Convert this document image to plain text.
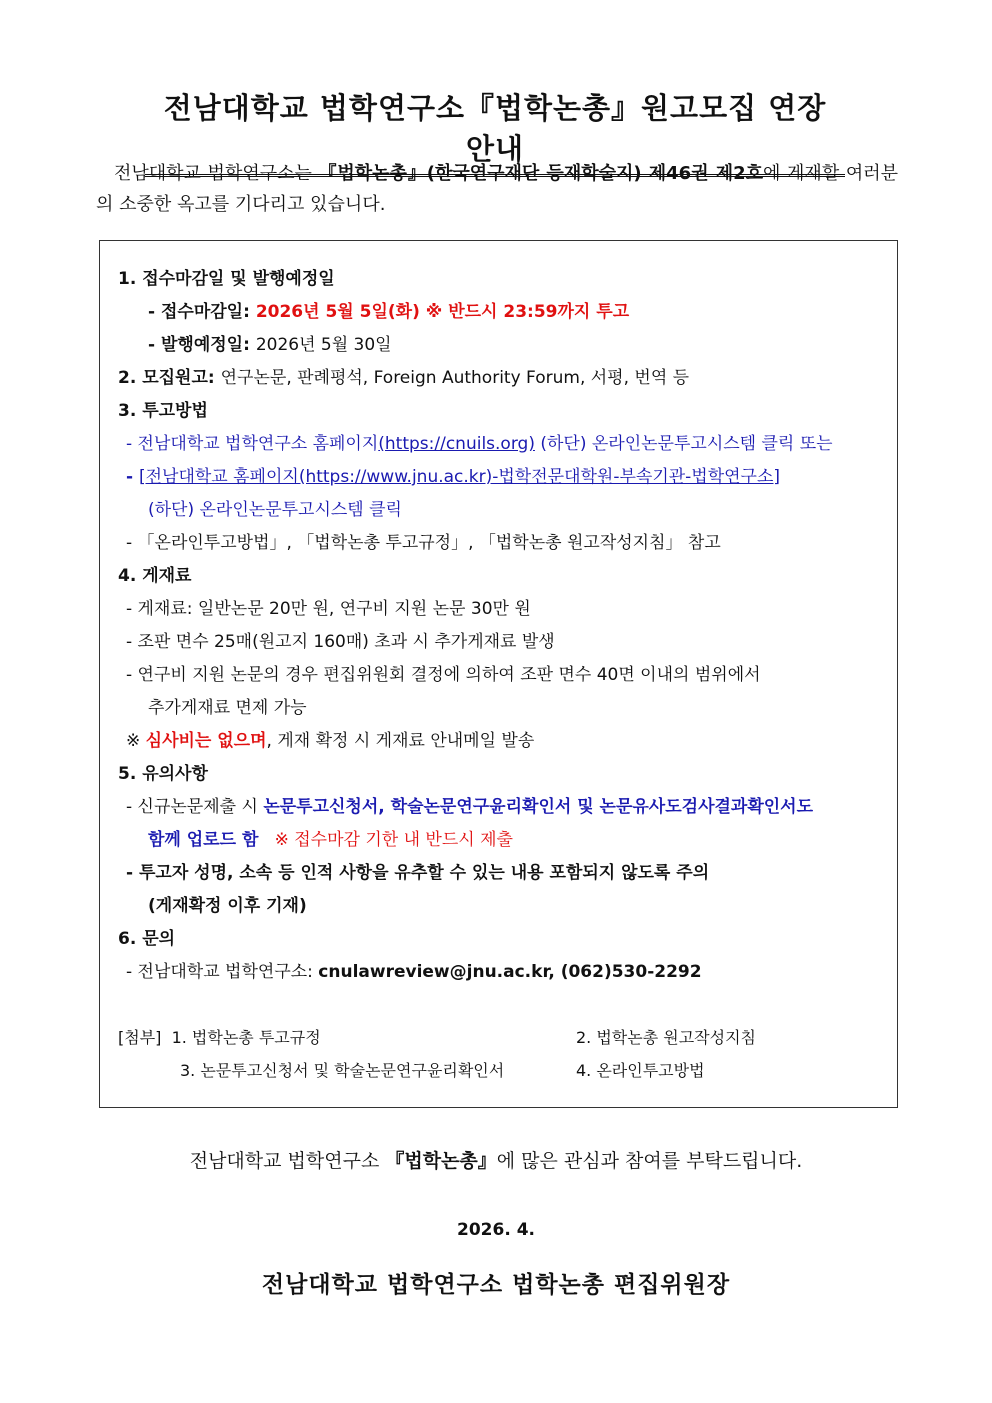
전남대학교 법학연구소『법학논총』원고모집 연장 안내
전남대학교 법학연구소는 『법학논총』(한국연구재단 등재학술지) 제46권 제2호에 게재할 여러분의 소중한 옥고를 기다리고 있습니다.
1. 접수마감일 및 발행예정일
- 접수마감일: 2026년 5월 5일(화) ※ 반드시 23:59까지 투고
- 발행예정일: 2026년 5월 30일
2. 모집원고: 연구논문, 판례평석, Foreign Authority Forum, 서평, 번역 등
3. 투고방법
- 전남대학교 법학연구소 홈페이지(https://cnuils.org) (하단) 온라인논문투고시스템 클릭 또는
- [전남대학교 홈페이지(https://www.jnu.ac.kr)-법학전문대학원-부속기관-법학연구소]
(하단) 온라인논문투고시스템 클릭
- 「온라인투고방법」, 「법학논총 투고규정」, 「법학논총 원고작성지침」 참고
4. 게재료
- 게재료: 일반논문 20만 원, 연구비 지원 논문 30만 원
- 조판 면수 25매(원고지 160매) 초과 시 추가게재료 발생
- 연구비 지원 논문의 경우 편집위원회 결정에 의하여 조판 면수 40면 이내의 범위에서
추가게재료 면제 가능
※ 심사비는 없으며, 게재 확정 시 게재료 안내메일 발송
5. 유의사항
- 신규논문제출 시 논문투고신청서, 학술논문연구윤리확인서 및 논문유사도검사결과확인서도
함께 업로드 함 ※ 접수마감 기한 내 반드시 제출
- 투고자 성명, 소속 등 인적 사항을 유추할 수 있는 내용 포함되지 않도록 주의
(게재확정 이후 기재)
6. 문의
- 전남대학교 법학연구소: cnulawreview@jnu.ac.kr, (062)530-2292
[첨부] 1. 법학논총 투고규정	2. 법학논총 원고작성지침
3. 논문투고신청서 및 학술논문연구윤리확인서	4. 온라인투고방법
전남대학교 법학연구소 『법학논총』에 많은 관심과 참여를 부탁드립니다.
2026. 4.
전남대학교 법학연구소 법학논총 편집위원장
